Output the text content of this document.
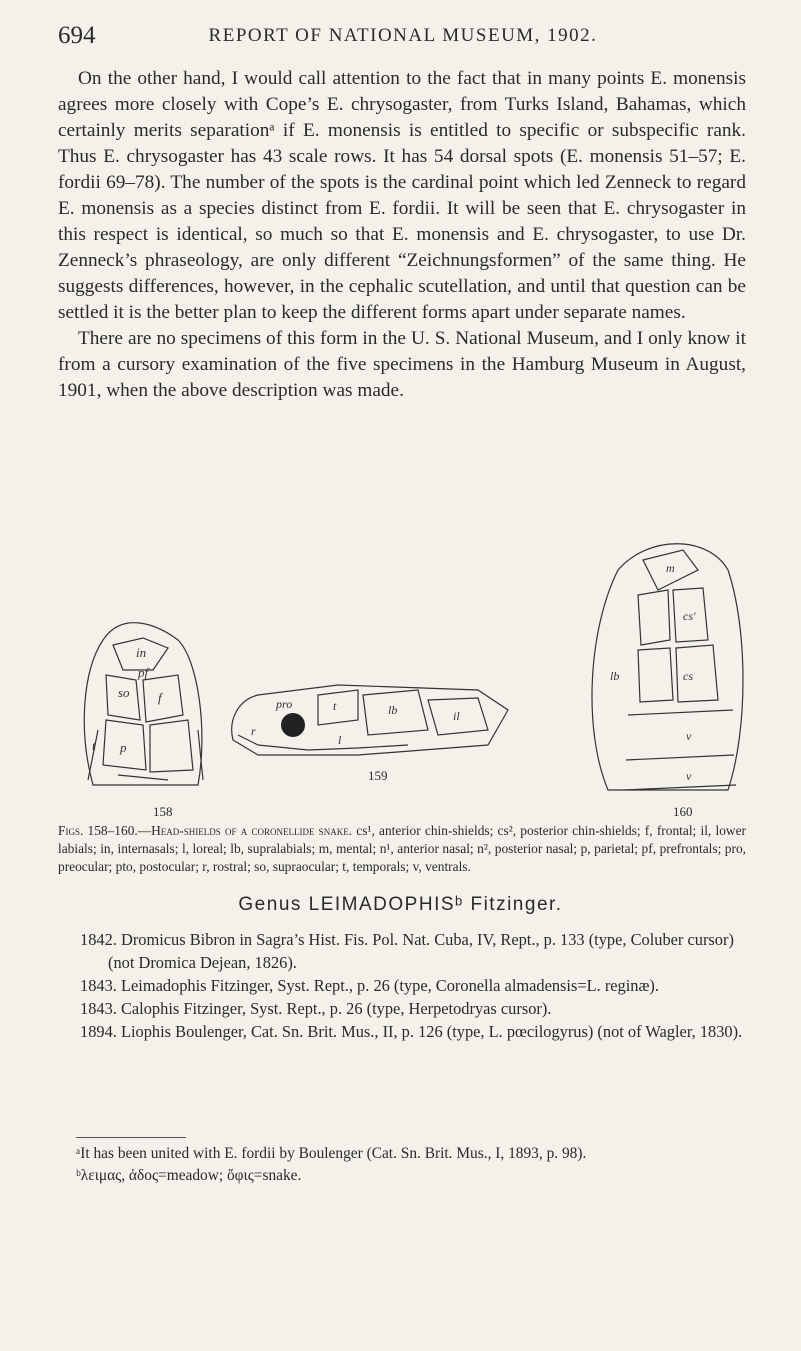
694	REPORT OF NATIONAL MUSEUM, 1902.

On the other hand, I would call attention to the fact that in many points E. monensis agrees more closely with Cope’s E. chrysogaster, from Turks Island, Bahamas, which certainly merits separationᵃ if E. monensis is entitled to specific or subspecific rank. Thus E. chrysogaster has 43 scale rows. It has 54 dorsal spots (E. monensis 51–57; E. fordii 69–78). The number of the spots is the cardinal point which led Zenneck to regard E. monensis as a species distinct from E. fordii. It will be seen that E. chrysogaster in this respect is identical, so much so that E. monensis and E. chrysogaster, to use Dr. Zenneck’s phraseology, are only different “Zeichnungsformen” of the same thing. He suggests differences, however, in the cephalic scutellation, and until that question can be settled it is the better plan to keep the different forms apart under separate names.

There are no specimens of this form in the U. S. National Museum, and I only know it from a cursory examination of the five specimens in the Hamburg Museum in August, 1901, when the above description was made.

in
pf
so f
p
t
pro	t	lb	il
l
r
m
cs'
cs
v
v
lb
158
159
160
Figs. 158–160.—Head-shields of a coronellide snake. cs¹, anterior chin-shields; cs², posterior chin-shields; f, frontal; il, lower labials; in, internasals; l, loreal; lb, supralabials; m, mental; n¹, anterior nasal; n², posterior nasal; p, parietal; pf, prefrontals; pro, preocular; pto, postocular; r, rostral; so, supraocular; t, temporals; v, ventrals.
Genus LEIMADOPHISᵇ Fitzinger.

1842. Dromicus Bibron in Sagra’s Hist. Fis. Pol. Nat. Cuba, IV, Rept., p. 133 (type, Coluber cursor) (not Dromica Dejean, 1826).

1843. Leimadophis Fitzinger, Syst. Rept., p. 26 (type, Coronella almadensis=L. reginæ).

1843. Calophis Fitzinger, Syst. Rept., p. 26 (type, Herpetodryas cursor).

1894. Liophis Boulenger, Cat. Sn. Brit. Mus., II, p. 126 (type, L. pœcilogyrus) (not of Wagler, 1830).

ᵃIt has been united with E. fordii by Boulenger (Cat. Sn. Brit. Mus., I, 1893, p. 98).

ᵇλειμας, ἁδος=meadow; ὄφις=snake.
